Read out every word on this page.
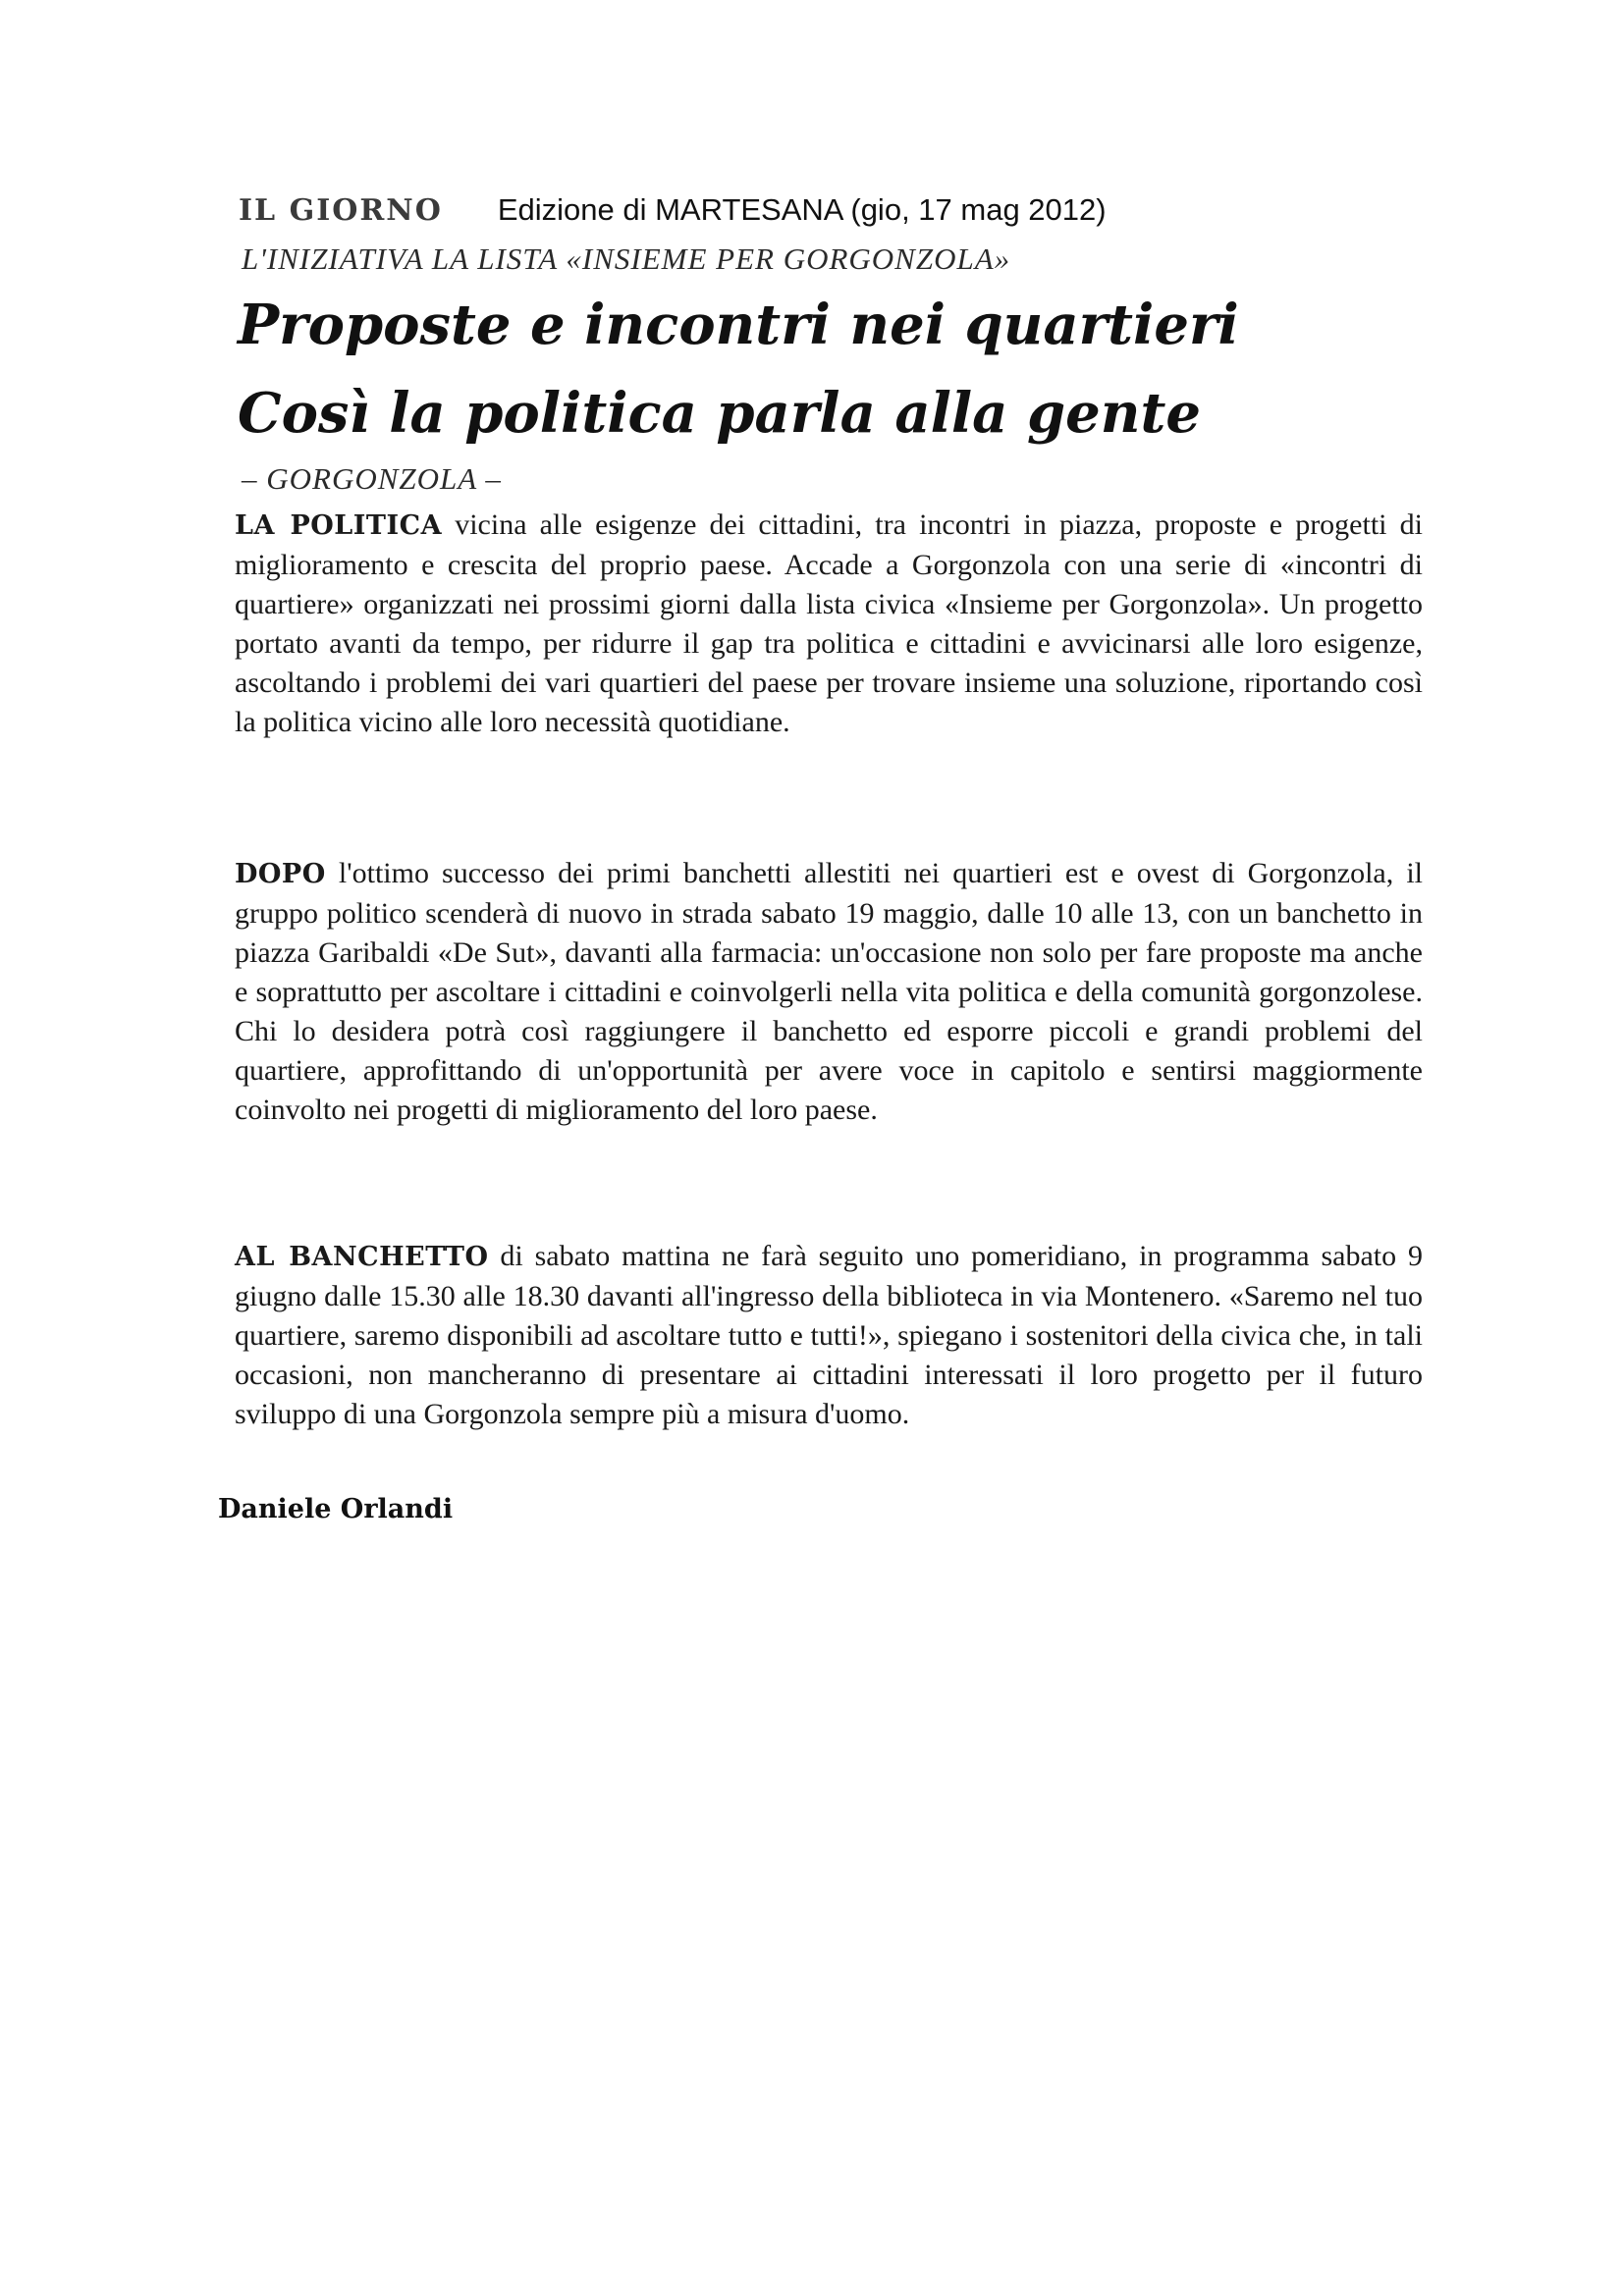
IL GIORNO Edizione di MARTESANA (gio, 17 mag 2012)
L'INIZIATIVA LA LISTA «INSIEME PER GORGONZOLA»
Proposte e incontri nei quartieri
Così la politica parla alla gente
– GORGONZOLA –

LA POLITICA vicina alle esigenze dei cittadini, tra incontri in piazza, proposte e progetti di miglioramento e crescita del proprio paese. Accade a Gorgonzola con una serie di «incontri di quartiere» organizzati nei prossimi giorni dalla lista civica «Insieme per Gorgonzola». Un progetto portato avanti da tempo, per ridurre il gap tra politica e cittadini e avvicinarsi alle loro esigenze, ascoltando i problemi dei vari quartieri del paese per trovare insieme una soluzione, riportando così la politica vicino alle loro necessità quotidiane.

DOPO l'ottimo successo dei primi banchetti allestiti nei quartieri est e ovest di Gorgonzola, il gruppo politico scenderà di nuovo in strada sabato 19 maggio, dalle 10 alle 13, con un banchetto in piazza Garibaldi «De Sut», davanti alla farmacia: un'occasione non solo per fare proposte ma anche e soprattutto per ascoltare i cittadini e coinvolgerli nella vita politica e della comunità gorgonzolese. Chi lo desidera potrà così raggiungere il banchetto ed esporre piccoli e grandi problemi del quartiere, approfittando di un'opportunità per avere voce in capitolo e sentirsi maggiormente coinvolto nei progetti di miglioramento del loro paese.

AL BANCHETTO di sabato mattina ne farà seguito uno pomeridiano, in programma sabato 9 giugno dalle 15.30 alle 18.30 davanti all'ingresso della biblioteca in via Montenero. «Saremo nel tuo quartiere, saremo disponibili ad ascoltare tutto e tutti!», spiegano i sostenitori della civica che, in tali occasioni, non mancheranno di presentare ai cittadini interessati il loro progetto per il futuro sviluppo di una Gorgonzola sempre più a misura d'uomo.

Daniele Orlandi
